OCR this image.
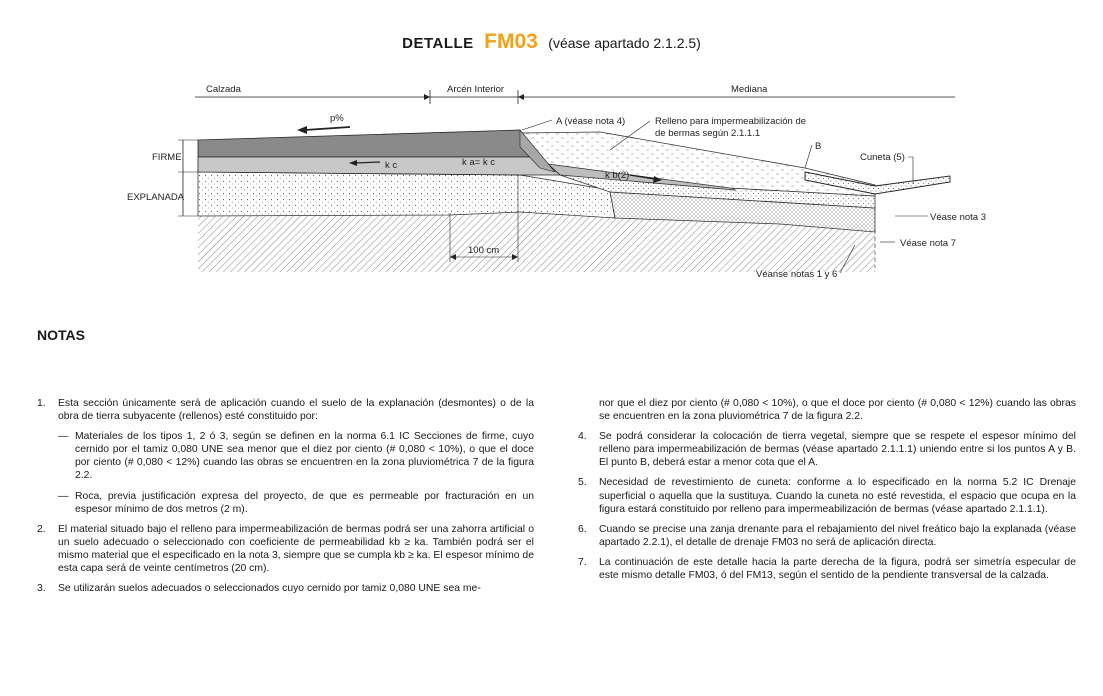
DETALLE FM03 (véase apartado 2.1.2.5)
Calzada	Arcén Interior	Mediana
FIRME
EXPLANADA
p%
k c	k a= k c
k b(2)
A (véase nota 4)	Relleno para impermeabilización de
de bermas según 2.1.1.1
B
Cuneta (5)
Véase nota 3
Véase nota 7
Véanse notas 1 y 6
100 cm
NOTAS
1.	Esta sección únicamente será de aplicación cuando el suelo de la explanación (desmontes) o de la obra de tierra subyacente (rellenos) esté constituido por:
— Materiales de los tipos 1, 2 ó 3, según se definen en la norma 6.1 IC Secciones de firme, cuyo cernido por el tamiz 0,080 UNE sea menor que el diez por ciento (# 0,080 < 10%), o que el doce por ciento (# 0,080 < 12%) cuando las obras se encuentren en la zona pluviométrica 7 de la figura 2.2.
— Roca, previa justificación expresa del proyecto, de que es permeable por fracturación en un espesor mínimo de dos metros (2 m).
2.	El material situado bajo el relleno para impermeabilización de bermas podrá ser una zahorra artificial o un suelo adecuado o seleccionado con coeficiente de permeabilidad kb ≥ ka. También podrá ser el mismo material que el especificado en la nota 3, siempre que se cumpla kb ≥ ka. El espesor mínimo de esta capa será de veinte centímetros (20 cm).
3.	Se utilizarán suelos adecuados o seleccionados cuyo cernido por tamiz 0,080 UNE sea me-
nor que el diez por ciento (# 0,080 < 10%), o que el doce por ciento (# 0,080 < 12%) cuando las obras se encuentren en la zona pluviométrica 7 de la figura 2.2.
4.	Se podrá considerar la colocación de tierra vegetal, siempre que se respete el espesor mínimo del relleno para impermeabilización de bermas (véase apartado 2.1.1.1) uniendo entre si los puntos A y B. El punto B, deberá estar a menor cota que el A.
5.	Necesidad de revestimiento de cuneta: conforme a lo especificado en la norma 5.2 IC Drenaje superficial o aquella que la sustituya. Cuando la cuneta no esté revestida, el espacio que ocupa en la figura estará constituido por relleno para impermeabilización de bermas (véase apartado 2.1.1.1).
6.	Cuando se precise una zanja drenante para el rebajamiento del nivel freático bajo la explanada (véase apartado 2.2.1), el detalle de drenaje FM03 no será de aplicación directa.
7.	La continuación de este detalle hacia la parte derecha de la figura, podrá ser simetría especular de este mismo detalle FM03, ó del FM13, según el sentido de la pendiente transversal de la calzada.
